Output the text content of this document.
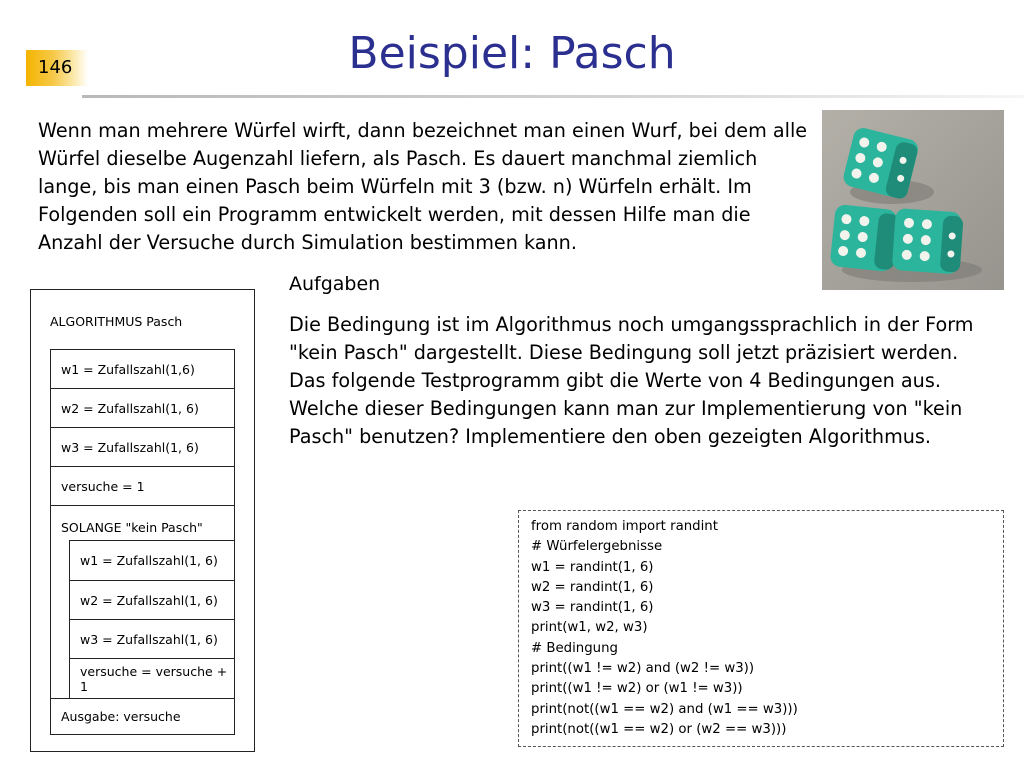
146	Beispiel: Pasch
Wenn man mehrere Würfel wirft, dann bezeichnet man einen Wurf, bei dem alle Würfel dieselbe Augenzahl liefern, als Pasch. Es dauert manchmal ziemlich lange, bis man einen Pasch beim Würfeln mit 3 (bzw. n) Würfeln erhält. Im Folgenden soll ein Programm entwickelt werden, mit dessen Hilfe man die Anzahl der Versuche durch Simulation bestimmen kann.
Aufgaben
Die Bedingung ist im Algorithmus noch umgangssprachlich in der Form "kein Pasch" dargestellt. Diese Bedingung soll jetzt präzisiert werden. Das folgende Testprogramm gibt die Werte von 4 Bedingungen aus. Welche dieser Bedingungen kann man zur Implementierung von "kein Pasch" benutzen? Implementiere den oben gezeigten Algorithmus.
ALGORITHMUS Pasch
w1 = Zufallszahl(1,6)
w2 = Zufallszahl(1, 6)
w3 = Zufallszahl(1, 6)
versuche = 1
SOLANGE "kein Pasch"
w1 = Zufallszahl(1, 6)
w2 = Zufallszahl(1, 6)
w3 = Zufallszahl(1, 6)
versuche = versuche + 1
Ausgabe: versuche
from random import randint
# Würfelergebnisse
w1 = randint(1, 6)
w2 = randint(1, 6)
w3 = randint(1, 6)
print(w1, w2, w3)
# Bedingung
print((w1 != w2) and (w2 != w3))
print((w1 != w2) or (w1 != w3))
print(not((w1 == w2) and (w1 == w3)))
print(not((w1 == w2) or (w2 == w3)))
